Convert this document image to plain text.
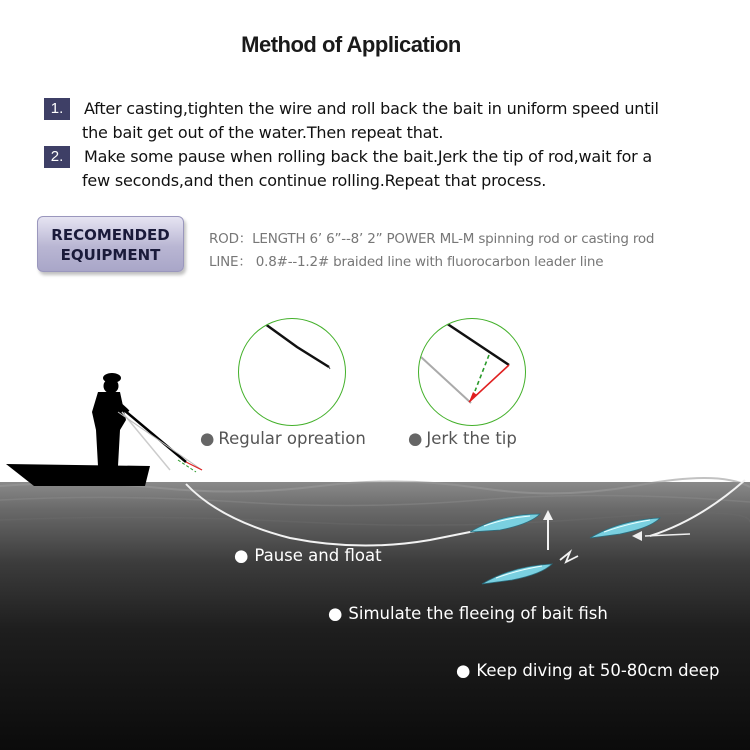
Method of Application
1.	After casting,tighten the wire and roll back the bait in uniform speed until
the bait get out of the water.Then repeat that.
2.	Make some pause when rolling back the bait.Jerk the tip of rod,wait for a
few seconds,and then continue rolling.Repeat that process.
RECOMENDED
EQUIPMENT
ROD：LENGTH 6’ 6”--8’ 2” POWER ML-M spinning rod or casting rod
LINE： 0.8#--1.2# braided line with fluorocarbon leader line
● Regular opreation	● Jerk the tip
● Pause and float
● Simulate the fleeing of bait fish
● Keep diving at 50-80cm deep
